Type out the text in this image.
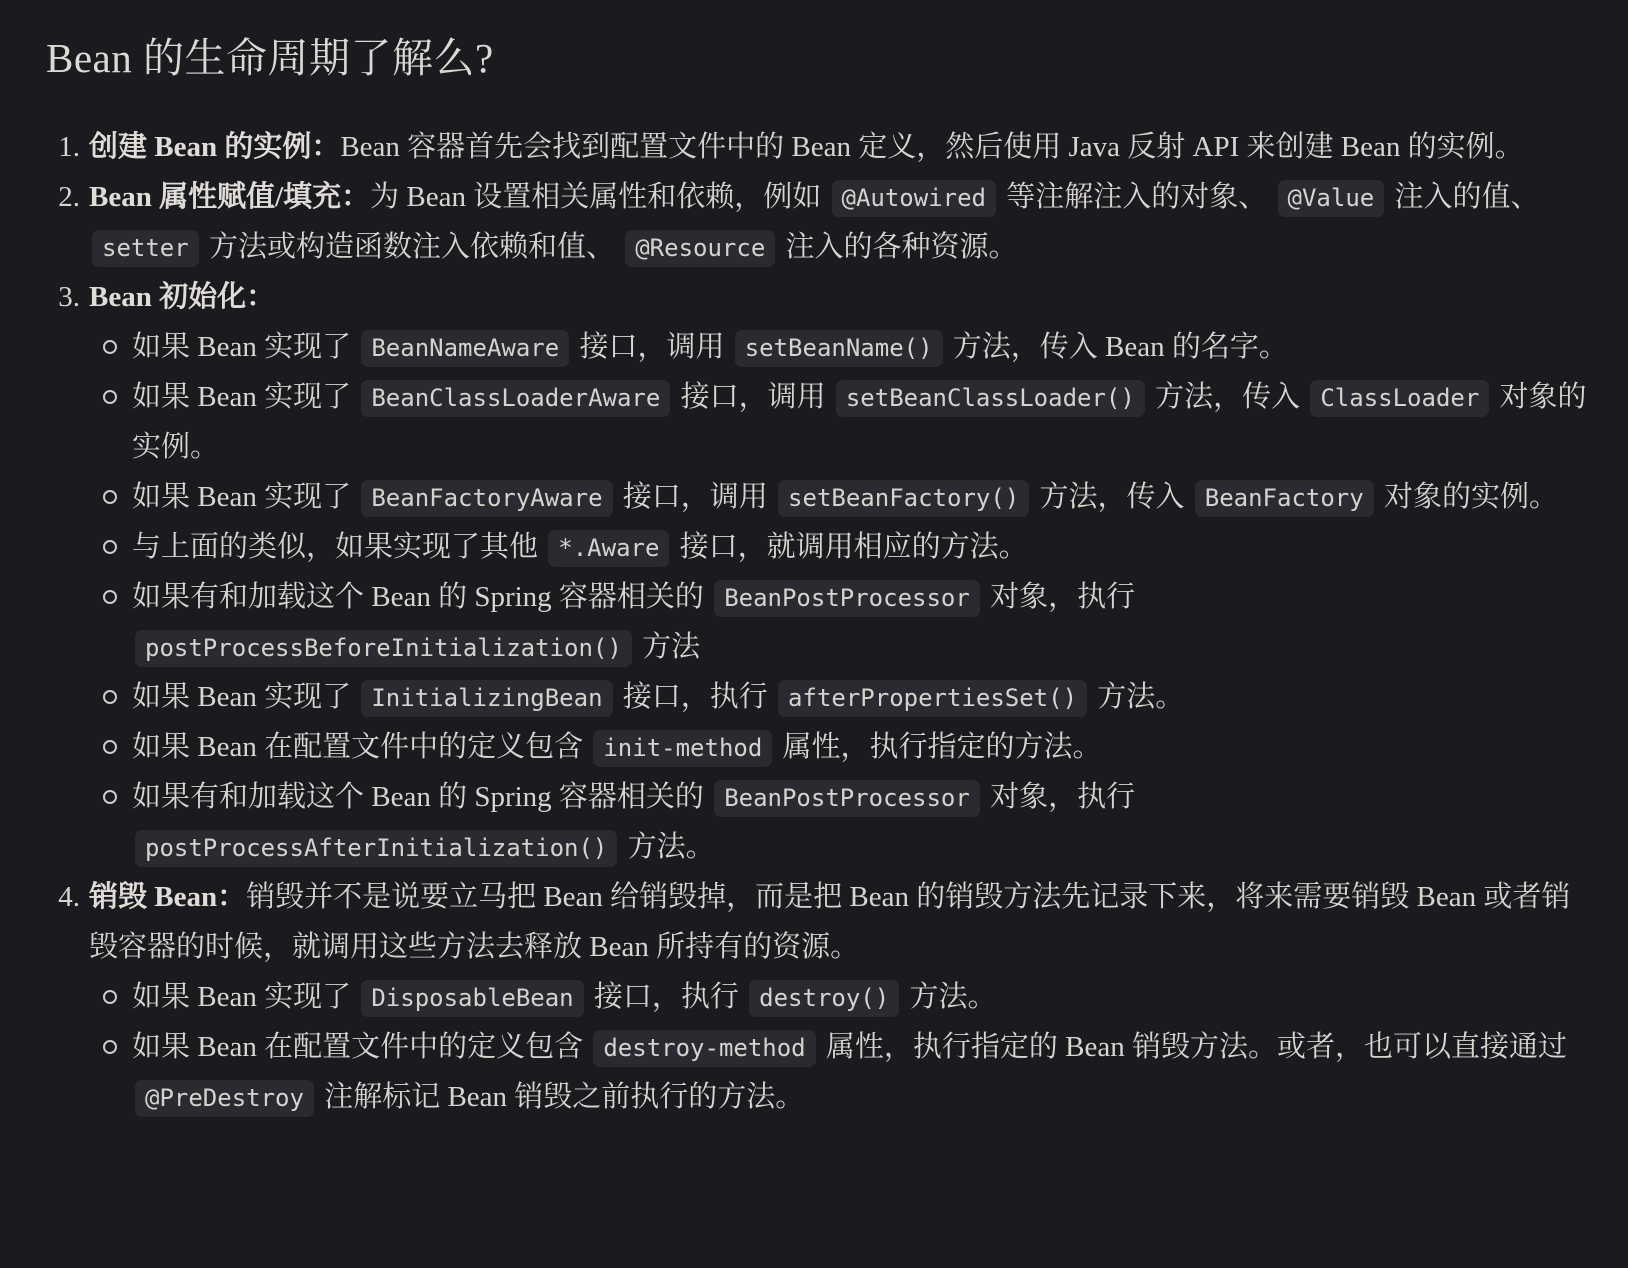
Bean 的生命周期了解么?
1. 创建 Bean 的实例：Bean 容器首先会找到配置文件中的 Bean 定义，然后使用 Java 反射 API 来创建 Bean 的实例。

2. Bean 属性赋值/填充：为 Bean 设置相关属性和依赖，例如 @Autowired 等注解注入的对象、 @Value 注入的值、 setter 方法或构造函数注入依赖和值、 @Resource 注入的各种资源。

3. Bean 初始化：

如果 Bean 实现了 BeanNameAware 接口，调用 setBeanName() 方法，传入 Bean 的名字。

如果 Bean 实现了 BeanClassLoaderAware 接口，调用 setBeanClassLoader() 方法，传入 ClassLoader 对象的实例。

如果 Bean 实现了 BeanFactoryAware 接口，调用 setBeanFactory() 方法，传入 BeanFactory 对象的实例。

与上面的类似，如果实现了其他 *.Aware 接口，就调用相应的方法。

如果有和加载这个 Bean 的 Spring 容器相关的 BeanPostProcessor 对象，执行 postProcessBeforeInitialization() 方法

如果 Bean 实现了 InitializingBean 接口，执行 afterPropertiesSet() 方法。

如果 Bean 在配置文件中的定义包含 init-method 属性，执行指定的方法。

如果有和加载这个 Bean 的 Spring 容器相关的 BeanPostProcessor 对象，执行 postProcessAfterInitialization() 方法。

4. 销毁 Bean：销毁并不是说要立马把 Bean 给销毁掉，而是把 Bean 的销毁方法先记录下来，将来需要销毁 Bean 或者销毁容器的时候，就调用这些方法去释放 Bean 所持有的资源。

如果 Bean 实现了 DisposableBean 接口，执行 destroy() 方法。

如果 Bean 在配置文件中的定义包含 destroy-method 属性，执行指定的 Bean 销毁方法。或者，也可以直接通过 @PreDestroy 注解标记 Bean 销毁之前执行的方法。
